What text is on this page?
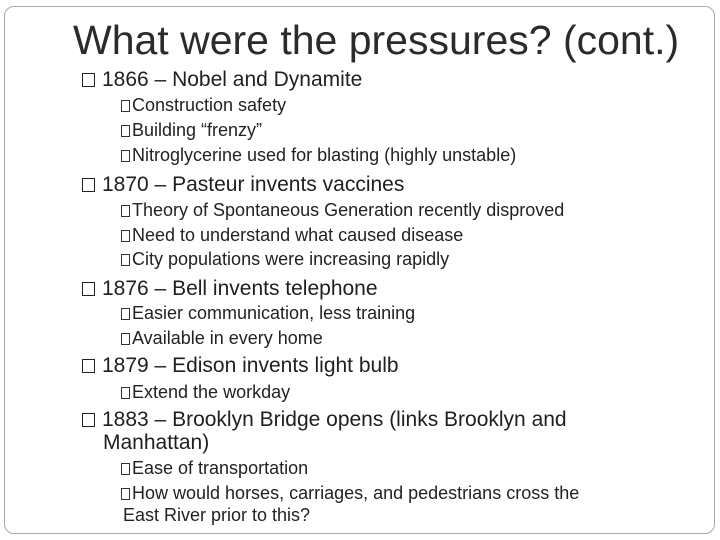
What were the pressures? (cont.)
1866 – Nobel and Dynamite
Construction safety
Building “frenzy”
Nitroglycerine used for blasting (highly unstable)
1870 – Pasteur invents vaccines
Theory of Spontaneous Generation recently disproved
Need to understand what caused disease
City populations were increasing rapidly
1876 – Bell invents telephone
Easier communication, less training
Available in every home
1879 – Edison invents light bulb
Extend the workday
1883 – Brooklyn Bridge opens (links Brooklyn and
Manhattan)
Ease of transportation
How would horses, carriages, and pedestrians cross the
East River prior to this?
